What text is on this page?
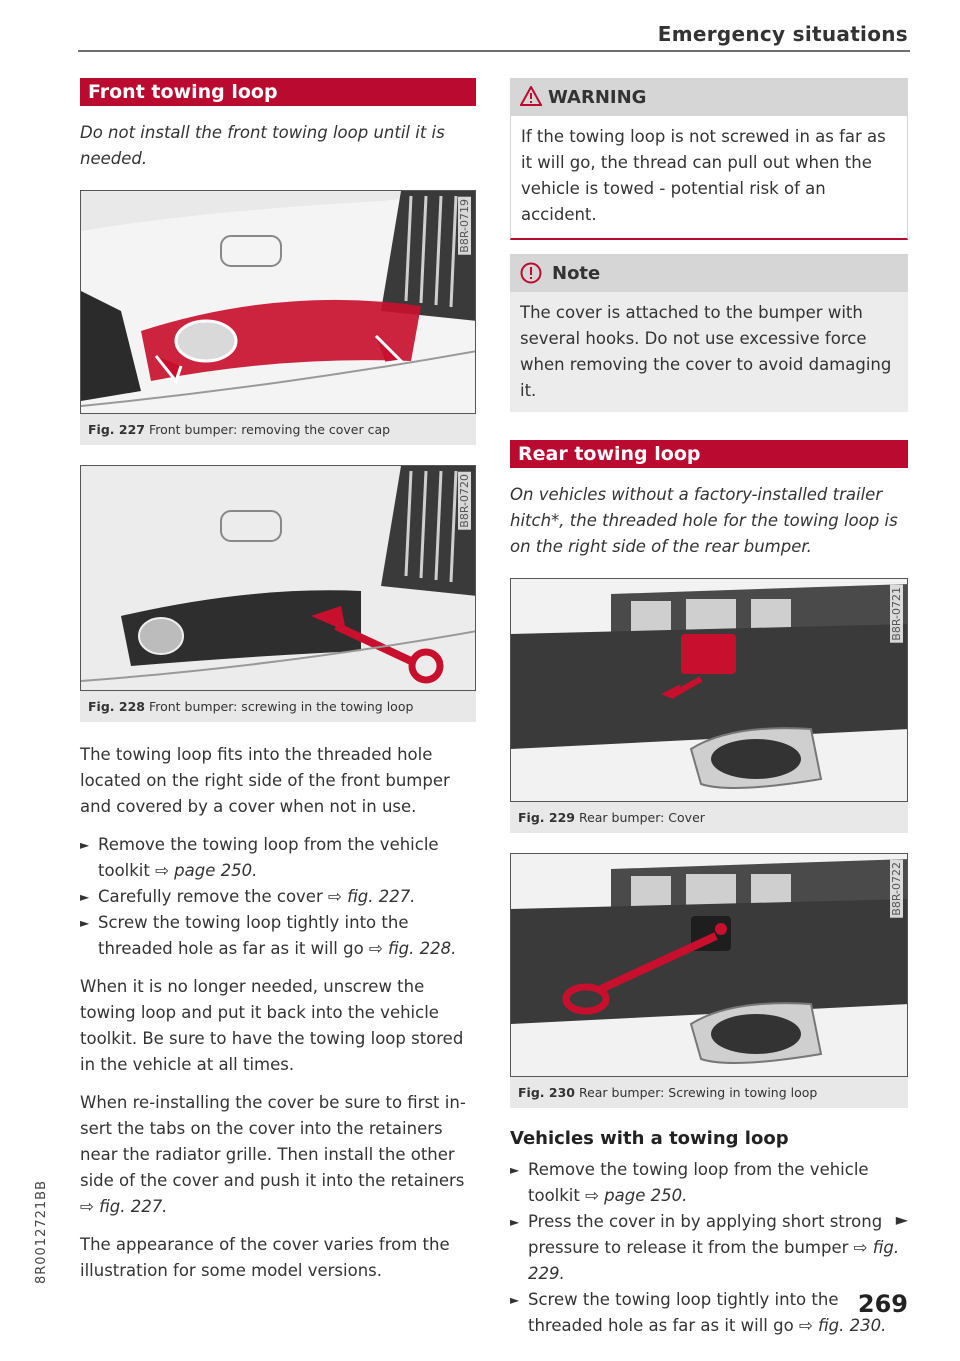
Emergency situations
Front towing loop

Do not install the front towing loop until it is needed.

B8R-0719
Fig. 227 Front bumper: removing the cover cap
B8R-0720
Fig. 228 Front bumper: screwing in the towing loop

The towing loop fits into the threaded hole located on the right side of the front bumper and covered by a cover when not in use.

► Remove the towing loop from the vehicle toolkit ⇨ page 250.
► Carefully remove the cover ⇨ fig. 227.
► Screw the towing loop tightly into the threaded hole as far as it will go ⇨ fig. 228.

When it is no longer needed, unscrew the towing loop and put it back into the vehicle toolkit. Be sure to have the towing loop stored in the vehicle at all times.

When re-installing the cover be sure to first insert the tabs on the cover into the retainers near the radiator grille. Then install the other side of the cover and push it into the retainers ⇨ fig. 227.

The appearance of the cover varies from the illustration for some model versions.

WARNING
If the towing loop is not screwed in as far as it will go, the thread can pull out when the vehicle is towed - potential risk of an accident.
Note
The cover is attached to the bumper with several hooks. Do not use excessive force when removing the cover to avoid damaging it.
Rear towing loop

On vehicles without a factory-installed trailer hitch*, the threaded hole for the towing loop is on the right side of the rear bumper.

B8R-0721
Fig. 229 Rear bumper: Cover
B8R-0722
Fig. 230 Rear bumper: Screwing in towing loop
Vehicles with a towing loop
► Remove the towing loop from the vehicle toolkit ⇨ page 250.
► Press the cover in by applying short strong pressure to release it from the bumper ⇨ fig. 229.
► Screw the towing loop tightly into the threaded hole as far as it will go ⇨ fig. 230.
►
8R0012721BB
269
